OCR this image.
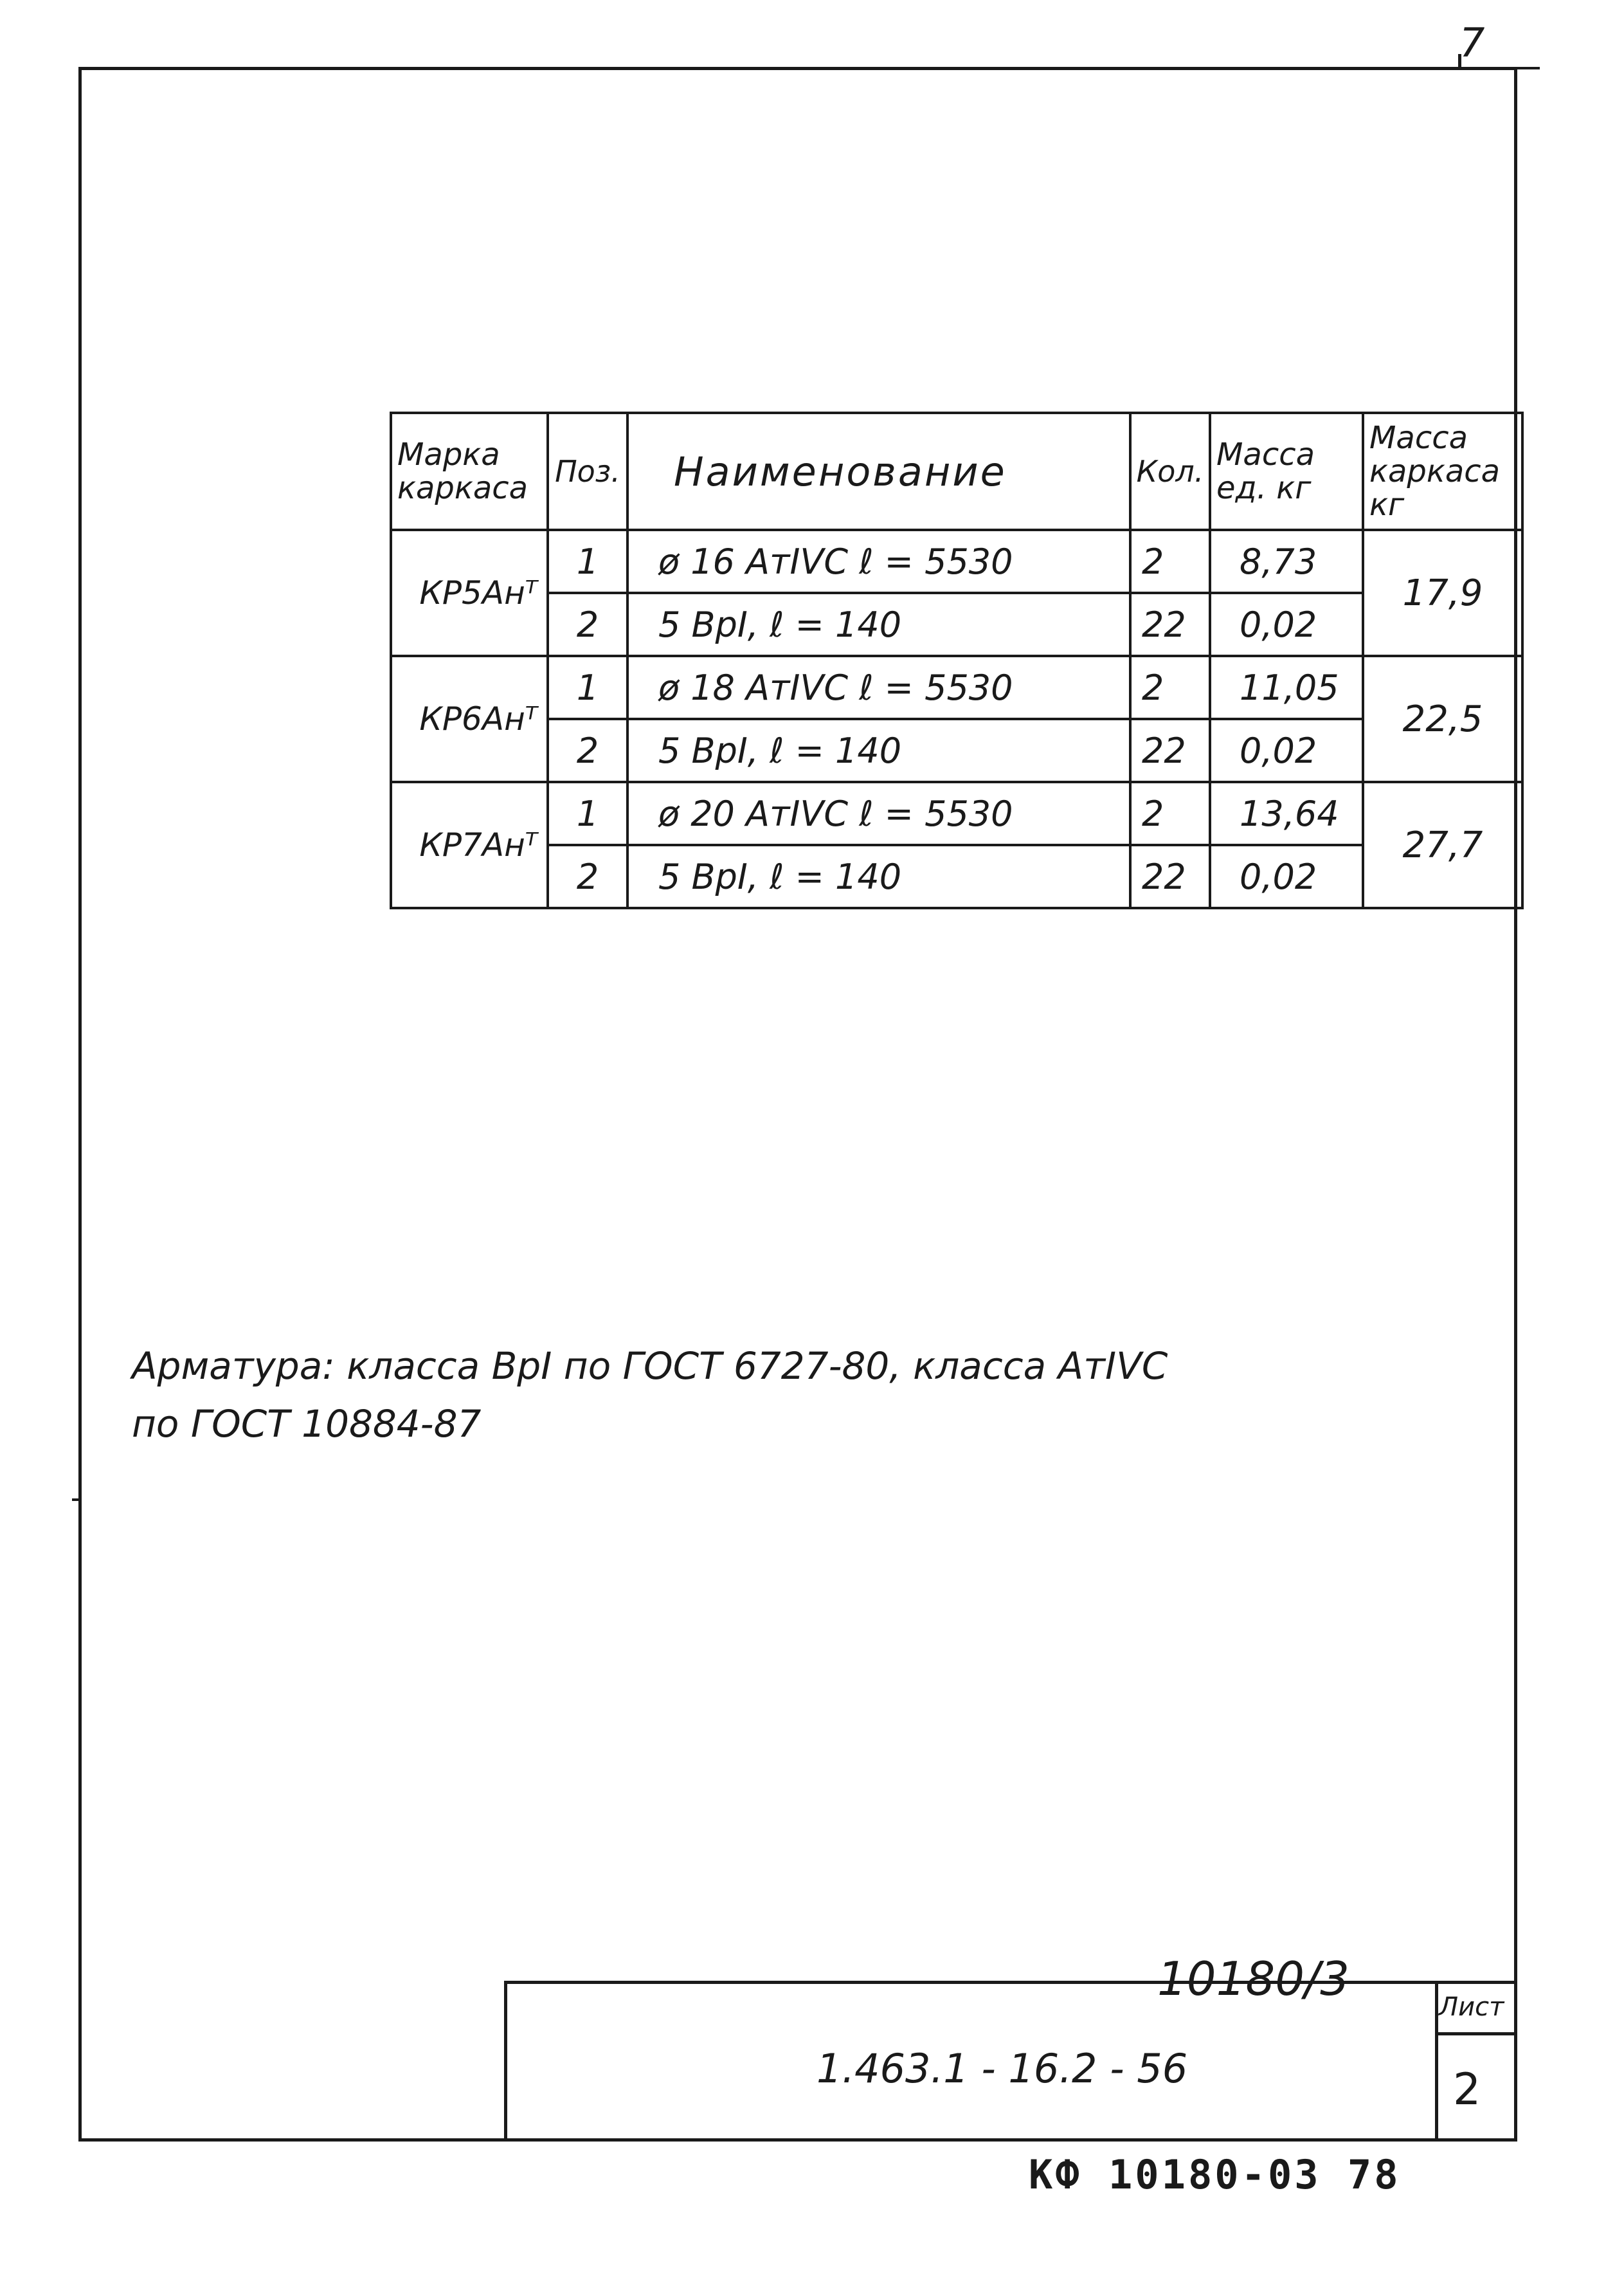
7
Марка каркаса	Поз.	Наименование	Кол.	Масса ед. кг	Масса каркаса кг
КР5Aнᵀ	1	ø 16 AтIVC ℓ = 5530	2	8,73	17,9
	2	5 BpI, ℓ = 140	22	0,02	
КР6Aнᵀ	1	ø 18 AтIVC ℓ = 5530	2	11,05	22,5
	2	5 BpI, ℓ = 140	22	0,02	
КР7Aнᵀ	1	ø 20 AтIVC ℓ = 5530	2	13,64	27,7
	2	5 BpI, ℓ = 140	22	0,02	
Арматура: класса BpI по ГОСТ 6727-80, класса AтIVC
по ГОСТ 10884-87
10180/3
1.463.1 - 16.2 - 56
Лист
2
КФ 10180-03 78
